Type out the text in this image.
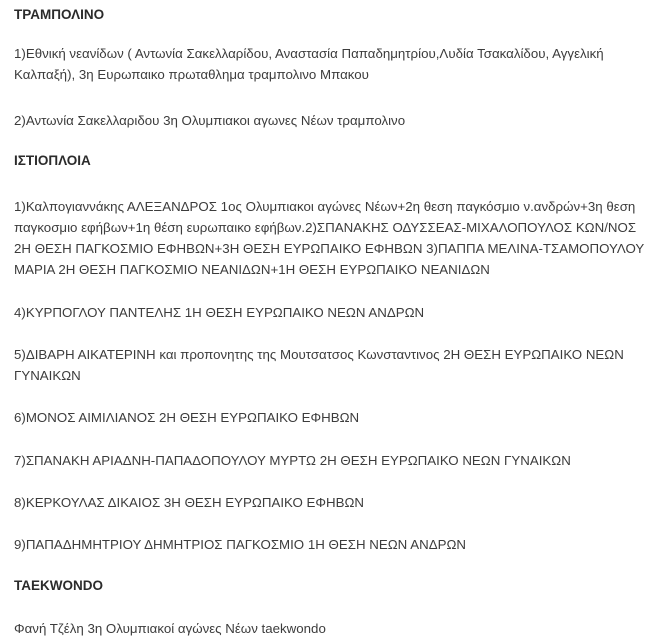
ΤΡΑΜΠΟΛΙΝΟ

1)Εθνική νεανίδων ( Αντωνία Σακελλαρίδου, Αναστασία Παπαδημητρίου,Λυδία Τσακαλίδου, Αγγελική
Καλπαξή), 3η Ευρωπαικο πρωταθλημα τραμπολινο Μπακου

2)Αντωνία Σακελλαριδου 3η Ολυμπιακοι αγωνες Νέων τραμπολινο

ΙΣΤΙΟΠΛΟΙΑ

1)Καλπογιαννάκης ΑΛΕΞΑΝΔΡΟΣ 1ος Ολυμπιακοι αγώνες Νέων+2η θεση παγκόσμιο ν.ανδρών+3η θεση
παγκοσμιο εφήβων+1η θέση ευρωπαικο εφήβων.2)ΣΠΑΝΑΚΗΣ ΟΔΥΣΣΕΑΣ-ΜΙΧΑΛΟΠΟΥΛΟΣ ΚΩΝ/ΝΟΣ
2Η ΘΕΣΗ ΠΑΓΚΟΣΜΙΟ ΕΦΗΒΩΝ+3Η ΘΕΣΗ ΕΥΡΩΠΑΙΚΟ ΕΦΗΒΩΝ 3)ΠΑΠΠΑ ΜΕΛΙΝΑ-ΤΣΑΜΟΠΟΥΛΟΥ
ΜΑΡΙΑ 2Η ΘΕΣΗ ΠΑΓΚΟΣΜΙΟ ΝΕΑΝΙΔΩΝ+1Η ΘΕΣΗ ΕΥΡΩΠΑΙΚΟ ΝΕΑΝΙΔΩΝ

4)ΚΥΡΠΟΓΛΟΥ ΠΑΝΤΕΛΗΣ 1Η ΘΕΣΗ ΕΥΡΩΠΑΙΚΟ ΝΕΩΝ ΑΝΔΡΩΝ

5)ΔΙΒΑΡΗ ΑΙΚΑΤΕΡΙΝΗ και προπονητης της Μουτσατσος Κωνσταντινος 2Η ΘΕΣΗ ΕΥΡΩΠΑΙΚΟ ΝΕΩΝ
ΓΥΝΑΙΚΩΝ

6)ΜΟΝΟΣ ΑΙΜΙΛΙΑΝΟΣ 2Η ΘΕΣΗ ΕΥΡΩΠΑΙΚΟ ΕΦΗΒΩΝ

7)ΣΠΑΝΑΚΗ ΑΡΙΑΔΝΗ-ΠΑΠΑΔΟΠΟΥΛΟΥ ΜΥΡΤΩ 2Η ΘΕΣΗ ΕΥΡΩΠΑΙΚΟ ΝΕΩΝ ΓΥΝΑΙΚΩΝ

8)ΚΕΡΚΟΥΛΑΣ ΔΙΚΑΙΟΣ 3Η ΘΕΣΗ ΕΥΡΩΠΑΙΚΟ ΕΦΗΒΩΝ

9)ΠΑΠΑΔΗΜΗΤΡΙΟΥ ΔΗΜΗΤΡΙΟΣ ΠΑΓΚΟΣΜΙΟ 1Η ΘΕΣΗ ΝΕΩΝ ΑΝΔΡΩΝ

TAEKWONDO

Φανή Τζέλη 3η Ολυμπιακοί αγώνες Νέων taekwondo
